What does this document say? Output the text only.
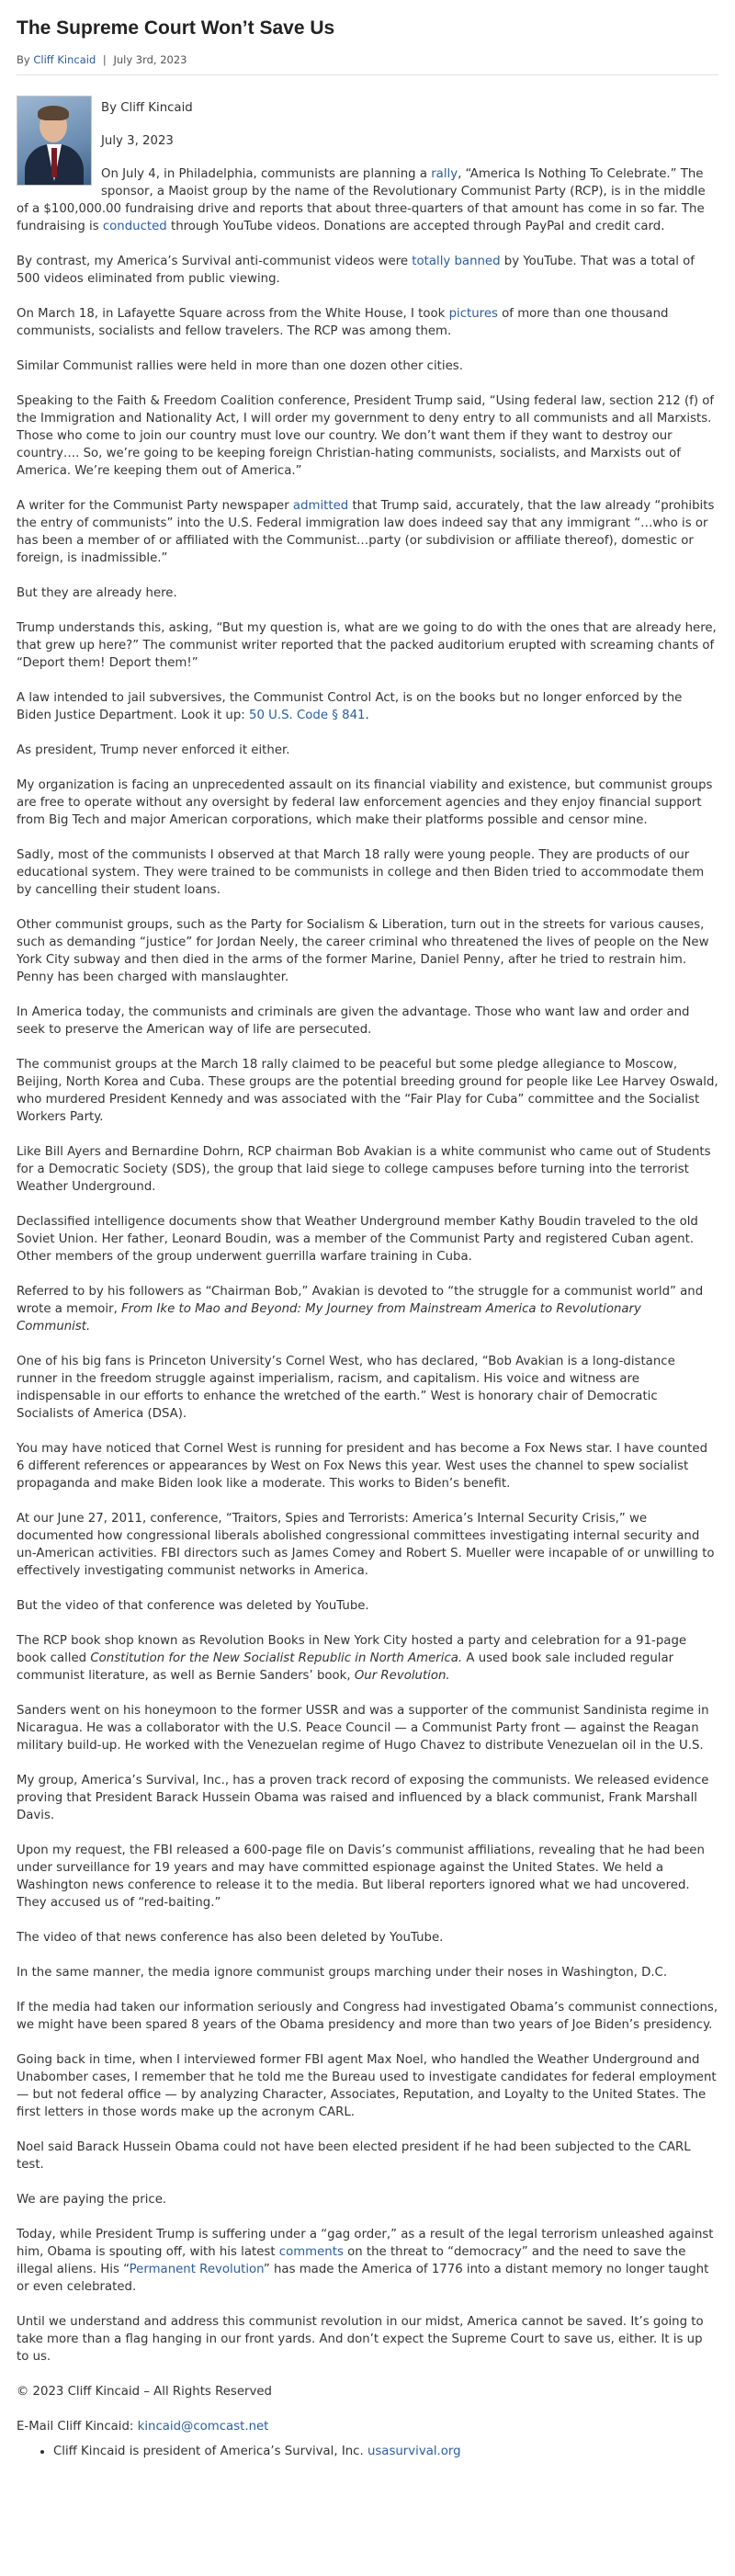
The Supreme Court Won’t Save Us
By Cliff Kincaid | July 3rd, 2023

By Cliff Kincaid

July 3, 2023

On July 4, in Philadelphia, communists are planning a rally, “America Is Nothing To Celebrate.” The sponsor, a Maoist group by the name of the Revolutionary Communist Party (RCP), is in the middle of a $100,000.00 fundraising drive and reports that about three-quarters of that amount has come in so far. The fundraising is conducted through YouTube videos. Donations are accepted through PayPal and credit card.

By contrast, my America’s Survival anti-communist videos were totally banned by YouTube. That was a total of 500 videos eliminated from public viewing.

On March 18, in Lafayette Square across from the White House, I took pictures of more than one thousand communists, socialists and fellow travelers. The RCP was among them.

Similar Communist rallies were held in more than one dozen other cities.

Speaking to the Faith & Freedom Coalition conference, President Trump said, “Using federal law, section 212 (f) of the Immigration and Nationality Act, I will order my government to deny entry to all communists and all Marxists. Those who come to join our country must love our country. We don’t want them if they want to destroy our country…. So, we’re going to be keeping foreign Christian-hating communists, socialists, and Marxists out of America. We’re keeping them out of America.”

A writer for the Communist Party newspaper admitted that Trump said, accurately, that the law already “prohibits the entry of communists” into the U.S. Federal immigration law does indeed say that any immigrant “…who is or has been a member of or affiliated with the Communist…party (or subdivision or affiliate thereof), domestic or foreign, is inadmissible.”

But they are already here.

Trump understands this, asking, “But my question is, what are we going to do with the ones that are already here, that grew up here?” The communist writer reported that the packed auditorium erupted with screaming chants of “Deport them! Deport them!”

A law intended to jail subversives, the Communist Control Act, is on the books but no longer enforced by the Biden Justice Department. Look it up: 50 U.S. Code § 841.

As president, Trump never enforced it either.

My organization is facing an unprecedented assault on its financial viability and existence, but communist groups are free to operate without any oversight by federal law enforcement agencies and they enjoy financial support from Big Tech and major American corporations, which make their platforms possible and censor mine.

Sadly, most of the communists I observed at that March 18 rally were young people. They are products of our educational system. They were trained to be communists in college and then Biden tried to accommodate them by cancelling their student loans.

Other communist groups, such as the Party for Socialism & Liberation, turn out in the streets for various causes, such as demanding “justice” for Jordan Neely, the career criminal who threatened the lives of people on the New York City subway and then died in the arms of the former Marine, Daniel Penny, after he tried to restrain him. Penny has been charged with manslaughter.

In America today, the communists and criminals are given the advantage. Those who want law and order and seek to preserve the American way of life are persecuted.

The communist groups at the March 18 rally claimed to be peaceful but some pledge allegiance to Moscow, Beijing, North Korea and Cuba. These groups are the potential breeding ground for people like Lee Harvey Oswald, who murdered President Kennedy and was associated with the “Fair Play for Cuba” committee and the Socialist Workers Party.

Like Bill Ayers and Bernardine Dohrn, RCP chairman Bob Avakian is a white communist who came out of Students for a Democratic Society (SDS), the group that laid siege to college campuses before turning into the terrorist Weather Underground.

Declassified intelligence documents show that Weather Underground member Kathy Boudin traveled to the old Soviet Union. Her father, Leonard Boudin, was a member of the Communist Party and registered Cuban agent. Other members of the group underwent guerrilla warfare training in Cuba.

Referred to by his followers as “Chairman Bob,” Avakian is devoted to “the struggle for a communist world” and wrote a memoir, From Ike to Mao and Beyond: My Journey from Mainstream America to Revolutionary Communist.

One of his big fans is Princeton University’s Cornel West, who has declared, “Bob Avakian is a long-distance runner in the freedom struggle against imperialism, racism, and capitalism. His voice and witness are indispensable in our efforts to enhance the wretched of the earth.” West is honorary chair of Democratic Socialists of America (DSA).

You may have noticed that Cornel West is running for president and has become a Fox News star. I have counted 6 different references or appearances by West on Fox News this year. West uses the channel to spew socialist propaganda and make Biden look like a moderate. This works to Biden’s benefit.

At our June 27, 2011, conference, “Traitors, Spies and Terrorists: America’s Internal Security Crisis,” we documented how congressional liberals abolished congressional committees investigating internal security and un-American activities. FBI directors such as James Comey and Robert S. Mueller were incapable of or unwilling to effectively investigating communist networks in America.

But the video of that conference was deleted by YouTube.

The RCP book shop known as Revolution Books in New York City hosted a party and celebration for a 91-page book called Constitution for the New Socialist Republic in North America. A used book sale included regular communist literature, as well as Bernie Sanders’ book, Our Revolution.

Sanders went on his honeymoon to the former USSR and was a supporter of the communist Sandinista regime in Nicaragua. He was a collaborator with the U.S. Peace Council — a Communist Party front — against the Reagan military build-up. He worked with the Venezuelan regime of Hugo Chavez to distribute Venezuelan oil in the U.S.

My group, America’s Survival, Inc., has a proven track record of exposing the communists. We released evidence proving that President Barack Hussein Obama was raised and influenced by a black communist, Frank Marshall Davis.

Upon my request, the FBI released a 600-page file on Davis’s communist affiliations, revealing that he had been under surveillance for 19 years and may have committed espionage against the United States. We held a Washington news conference to release it to the media. But liberal reporters ignored what we had uncovered. They accused us of “red-baiting.”

The video of that news conference has also been deleted by YouTube.

In the same manner, the media ignore communist groups marching under their noses in Washington, D.C.

If the media had taken our information seriously and Congress had investigated Obama’s communist connections, we might have been spared 8 years of the Obama presidency and more than two years of Joe Biden’s presidency.

Going back in time, when I interviewed former FBI agent Max Noel, who handled the Weather Underground and Unabomber cases, I remember that he told me the Bureau used to investigate candidates for federal employment — but not federal office — by analyzing Character, Associates, Reputation, and Loyalty to the United States. The first letters in those words make up the acronym CARL.

Noel said Barack Hussein Obama could not have been elected president if he had been subjected to the CARL test.

We are paying the price.

Today, while President Trump is suffering under a “gag order,” as a result of the legal terrorism unleashed against him, Obama is spouting off, with his latest comments on the threat to “democracy” and the need to save the illegal aliens. His “Permanent Revolution” has made the America of 1776 into a distant memory no longer taught or even celebrated.

Until we understand and address this communist revolution in our midst, America cannot be saved. It’s going to take more than a flag hanging in our front yards. And don’t expect the Supreme Court to save us, either. It is up to us.

© 2023 Cliff Kincaid – All Rights Reserved

E-Mail Cliff Kincaid: kincaid@comcast.net

• Cliff Kincaid is president of America’s Survival, Inc. usasurvival.org
